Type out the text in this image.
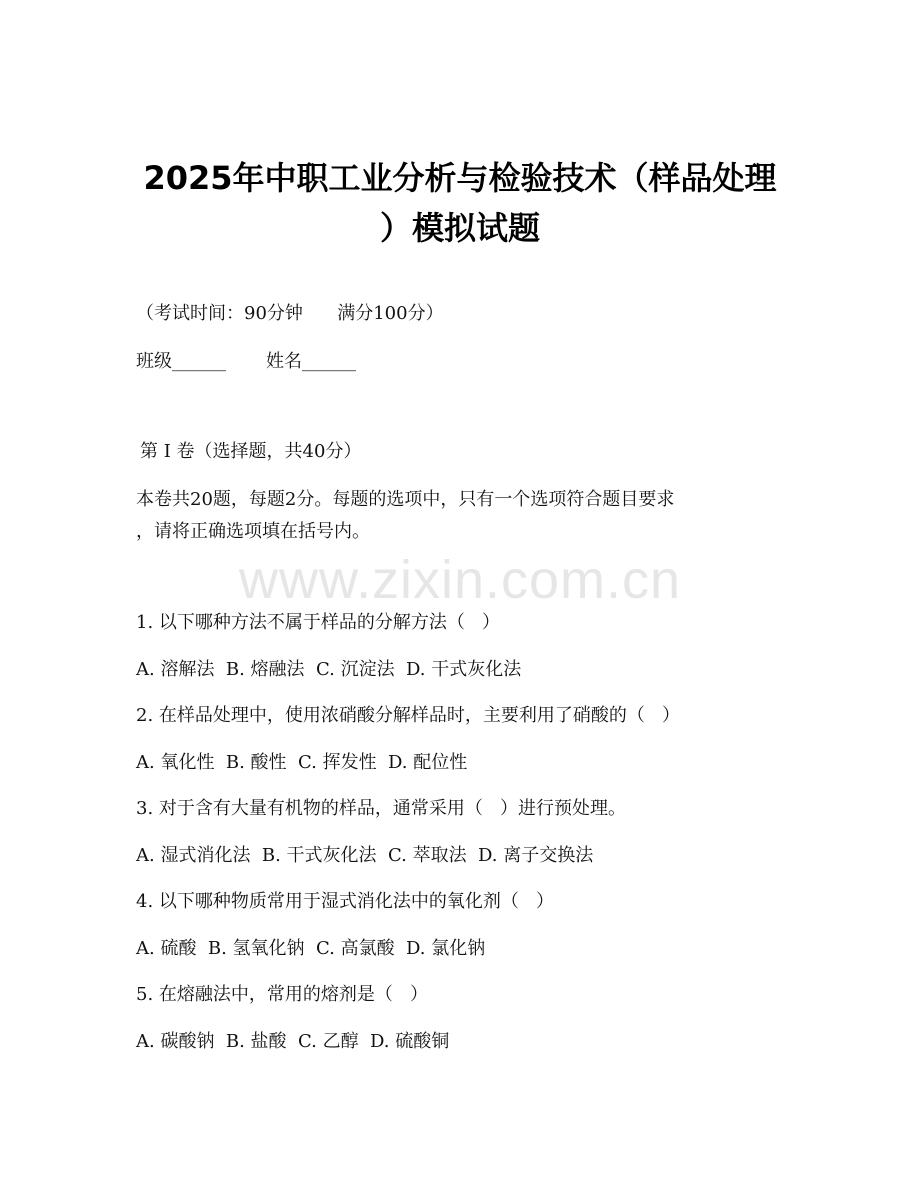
2025年中职工业分析与检验技术（样品处理
）模拟试题
（考试时间：90分钟      满分100分）
班级______       姓名______
第 I 卷（选择题，共40分）
本卷共20题，每题2分。每题的选项中，只有一个选项符合题目要求
，请将正确选项填在括号内。
www.zixin.com.cn
1. 以下哪种方法不属于样品的分解方法（   ）
A. 溶解法  B. 熔融法  C. 沉淀法  D. 干式灰化法
2. 在样品处理中，使用浓硝酸分解样品时，主要利用了硝酸的（   ）
A. 氧化性  B. 酸性  C. 挥发性  D. 配位性
3. 对于含有大量有机物的样品，通常采用（   ）进行预处理。
A. 湿式消化法  B. 干式灰化法  C. 萃取法  D. 离子交换法
4. 以下哪种物质常用于湿式消化法中的氧化剂（   ）
A. 硫酸  B. 氢氧化钠  C. 高氯酸  D. 氯化钠
5. 在熔融法中，常用的熔剂是（   ）
A. 碳酸钠  B. 盐酸  C. 乙醇  D. 硫酸铜
